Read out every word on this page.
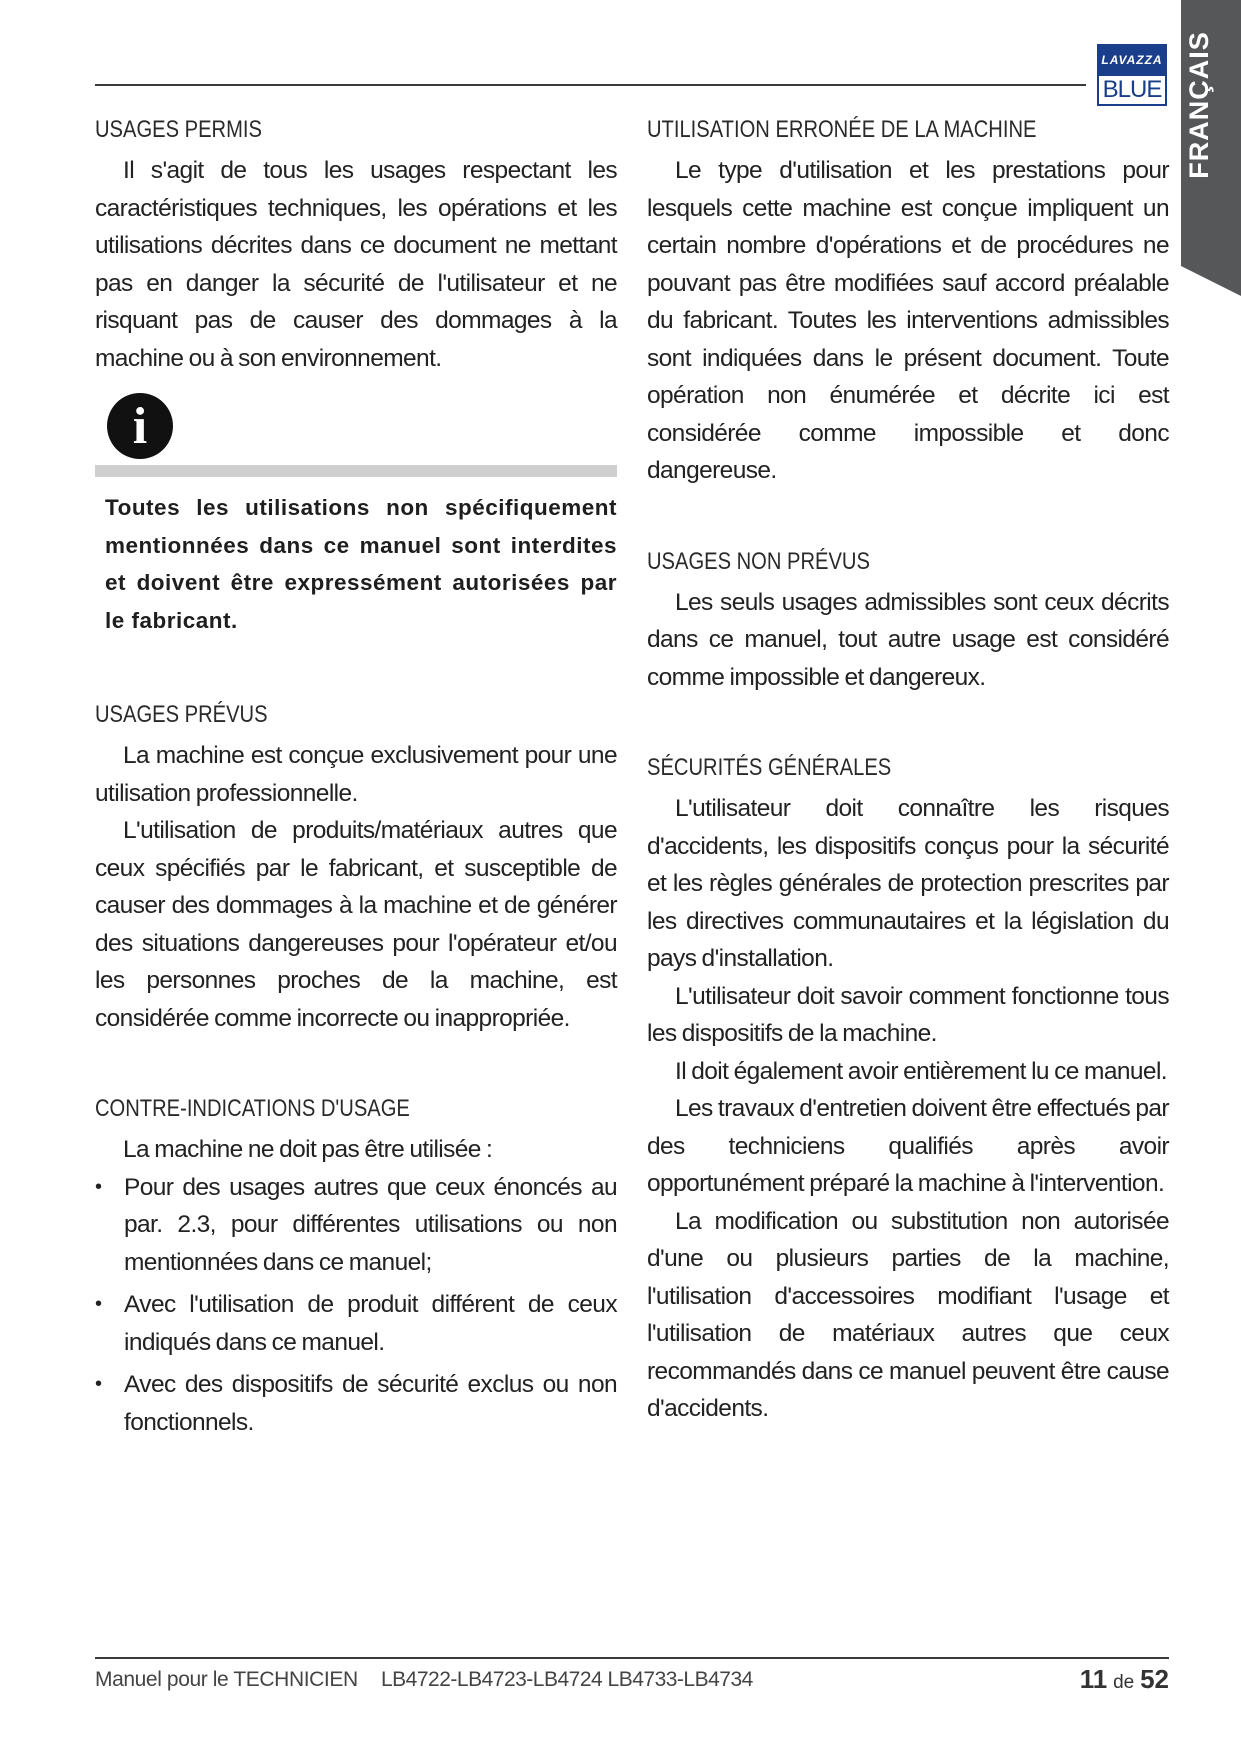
LAVAZZA
BLUE FRANÇAIS
USAGES PERMIS

Il s'agit de tous les usages respectant les caractéristiques techniques, les opérations et les utilisations décrites dans ce document ne mettant pas en danger la sécurité de l'utilisateur et ne risquant pas de causer des dommages à la machine ou à son environnement.

i

Toutes les utilisations non spécifiquement mentionnées dans ce manuel sont interdites et doivent être expressément autorisées par le fabricant.

USAGES PRÉVUS

La machine est conçue exclusivement pour une utilisation professionnelle.

L'utilisation de produits/matériaux autres que ceux spécifiés par le fabricant, et susceptible de causer des dommages à la machine et de générer des situations dangereuses pour l'opérateur et/ou les personnes proches de la machine, est considérée comme incorrecte ou inappropriée.

CONTRE-INDICATIONS D'USAGE

La machine ne doit pas être utilisée :

• Pour des usages autres que ceux énoncés au par. 2.3, pour différentes utilisations ou non mentionnées dans ce manuel;
• Avec l'utilisation de produit différent de ceux indiqués dans ce manuel.
• Avec des dispositifs de sécurité exclus ou non fonctionnels.
UTILISATION ERRONÉE DE LA MACHINE

Le type d'utilisation et les prestations pour lesquels cette machine est conçue impliquent un certain nombre d'opérations et de procédures ne pouvant pas être modifiées sauf accord préalable du fabricant. Toutes les interventions admissibles sont indiquées dans le présent document. Toute opération non énumérée et décrite ici est considérée comme impossible et donc dangereuse.

USAGES NON PRÉVUS

Les seuls usages admissibles sont ceux décrits dans ce manuel, tout autre usage est considéré comme impossible et dangereux.

SÉCURITÉS GÉNÉRALES

L'utilisateur doit connaître les risques d'accidents, les dispositifs conçus pour la sécurité et les règles générales de protection prescrites par les directives communautaires et la législation du pays d'installation.

L'utilisateur doit savoir comment fonctionne tous les dispositifs de la machine.

Il doit également avoir entièrement lu ce manuel.

Les travaux d'entretien doivent être effectués par des techniciens qualifiés après avoir opportunément préparé la machine à l'intervention.

La modification ou substitution non autorisée d'une ou plusieurs parties de la machine, l'utilisation d'accessoires modifiant l'usage et l'utilisation de matériaux autres que ceux recommandés dans ce manuel peuvent être cause d'accidents.

Manuel pour le TECHNICIEN LB4722-LB4723-LB4724 LB4733-LB4734	11 de 52
